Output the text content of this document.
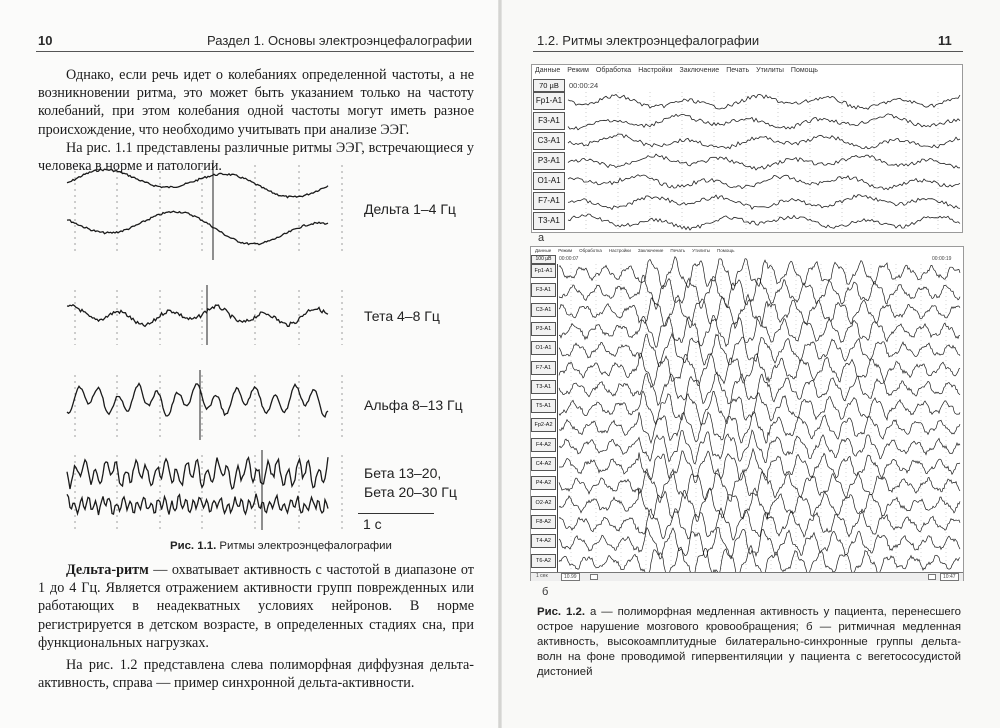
10	Раздел 1. Основы электроэнцефалографии

Однако, если речь идет о колебаниях определенной частоты, а не возникновении ритма, это может быть указанием только на частоту колебаний, при этом колебания одной частоты могут иметь разное происхождение, что необходимо учитывать при анализе ЭЭГ.

На рис. 1.1 представлены различные ритмы ЭЭГ, встречающиеся у человека в норме и патологии.

Дельта 1–4 Гц
Тета 4–8 Гц
Альфа 8–13 Гц
Бета 13–20,
Бета 20–30 Гц
1 с
Рис. 1.1. Ритмы электроэнцефалографии

Дельта-ритм — охватывает активность с частотой в диапазоне от 1 до 4 Гц. Является отражением активности групп поврежденных или работающих в неадекватных условиях нейронов. В норме регистрируется в детском возрасте, в определенных стадиях сна, при функциональных нагрузках.

На рис. 1.2 представлена слева полиморфная диффузная дельта-активность, справа — пример синхронной дельта-активности.

1.2. Ритмы электроэнцефалографии	11
Данные Режим Обработка Настройки Заключение Печать Утилиты Помощь
70 µВ	00:00:24
Fp1-A1
F3-A1
C3-A1
P3-A1
O1-A1
F7-A1
T3-A1
а
Данные Режим Обработка Настройки Заключение Печать Утилиты Помощь
100 µВ	00:00:07	00:00:19
Fp1-A1
F3-A1
C3-A1
P3-A1
O1-A1
F7-A1
T3-A1
T5-A1
Fp2-A2
F4-A2
C4-A2
P4-A2
O2-A2
F8-A2
T4-A2
T6-A2
1 сек	10.99	10:47
б
Рис. 1.2. а — полиморфная медленная активность у пациента, перенесшего острое нарушение мозгового кровообращения; б — ритмичная медленная активность, высокоамплитудные билатерально-синхронные группы дельта-волн на фоне проводимой гипервентиляции у пациента с вегетососудистой дистонией
